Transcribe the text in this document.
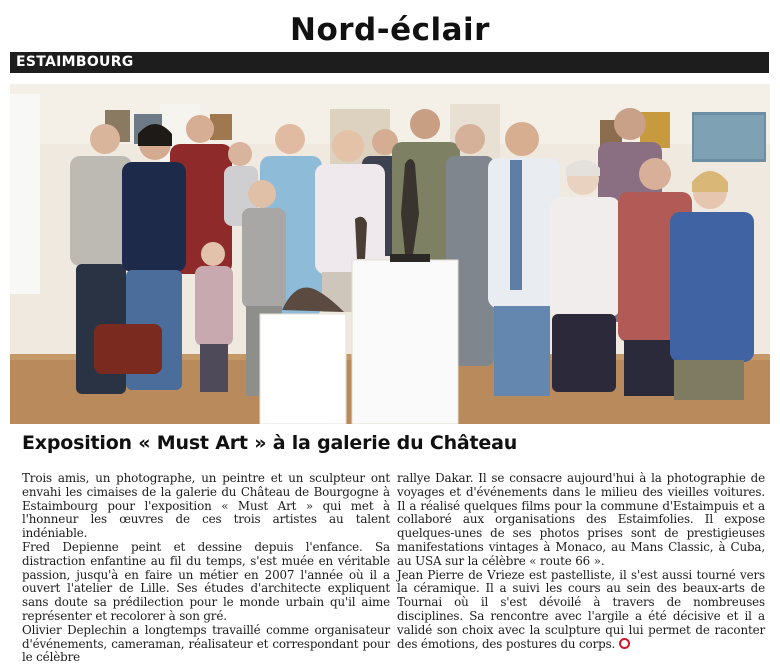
Nord-éclair
ESTAIMBOURG
Exposition « Must Art » à la galerie du Château

Trois amis, un photographe, un peintre et un sculpteur ont envahi les cimaises de la galerie du Château de Bourgogne à Estaimbourg pour l'exposition « Must Art » qui met à l'honneur les œuvres de ces trois artistes au talent indéniable.

Fred Depienne peint et dessine depuis l'enfance. Sa distraction enfantine au fil du temps, s'est muée en véritable passion, jusqu'à en faire un métier en 2007 l'année où il a ouvert l'atelier de Lille. Ses études d'architecte expliquent sans doute sa prédilection pour le monde urbain qu'il aime représenter et recolorer à son gré.

Olivier Deplechin a longtemps travaillé comme organisateur d'événements, cameraman, réalisateur et correspondant pour le célèbre

rallye Dakar. Il se consacre aujourd'hui à la photographie de voyages et d'événements dans le milieu des vieilles voitures. Il a réalisé quelques films pour la commune d'Estaimpuis et a collaboré aux organisations des Estaimfolies. Il expose quelques-unes de ses photos prises sont de prestigieuses manifestations vintages à Monaco, au Mans Classic, à Cuba, au USA sur la célèbre « route 66 ».

Jean Pierre de Vrieze est pastelliste, il s'est aussi tourné vers la céramique. Il a suivi les cours au sein des beaux-arts de Tournai où il s'est dévoilé à travers de nombreuses disciplines. Sa rencontre avec l'argile a été décisive et il a validé son choix avec la sculpture qui lui permet de raconter des émotions, des postures du corps.
